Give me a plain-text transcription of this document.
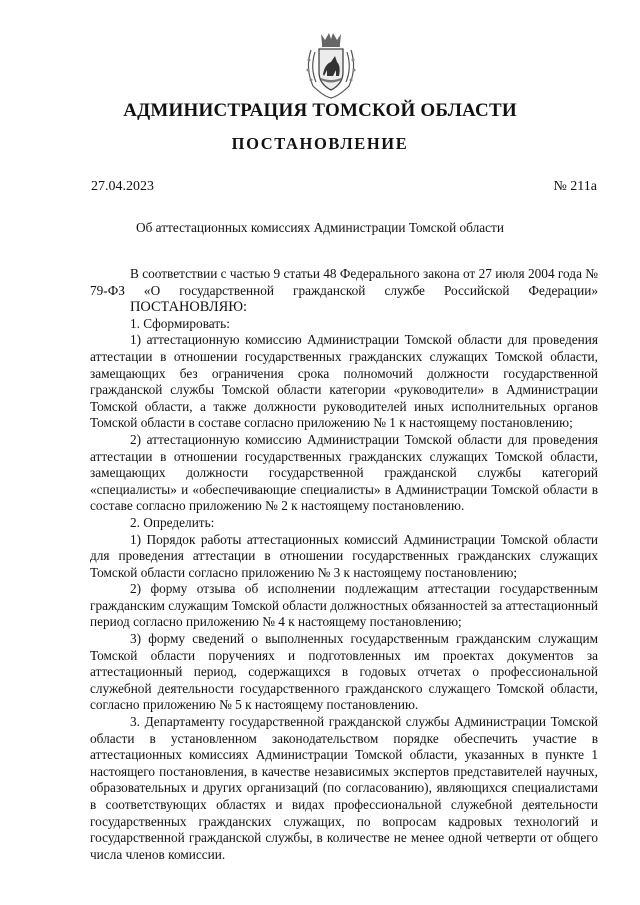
АДМИНИСТРАЦИЯ ТОМСКОЙ ОБЛАСТИ
ПОСТАНОВЛЕНИЕ
27.04.2023	№ 211а
Об аттестационных комиссиях Администрации Томской области

В соответствии с частью 9 статьи 48 Федерального закона от 27 июля 2004 года № 79-ФЗ «О государственной гражданской службе Российской Федерации»

ПОСТАНОВЛЯЮ:

1. Сформировать:

1) аттестационную комиссию Администрации Томской области для проведения аттестации в отношении государственных гражданских служащих Томской области, замещающих без ограничения срока полномочий должности государственной гражданской службы Томской области категории «руководители» в Администрации Томской области, а также должности руководителей иных исполнительных органов Томской области в составе согласно приложению № 1 к настоящему постановлению;

2) аттестационную комиссию Администрации Томской области для проведения аттестации в отношении государственных гражданских служащих Томской области, замещающих должности государственной гражданской службы категорий «специалисты» и «обеспечивающие специалисты» в Администрации Томской области в составе согласно приложению № 2 к настоящему постановлению.

2. Определить:

1) Порядок работы аттестационных комиссий Администрации Томской области для проведения аттестации в отношении государственных гражданских служащих Томской области согласно приложению № 3 к настоящему постановлению;

2) форму отзыва об исполнении подлежащим аттестации государственным гражданским служащим Томской области должностных обязанностей за аттестационный период согласно приложению № 4 к настоящему постановлению;

3) форму сведений о выполненных государственным гражданским служащим Томской области поручениях и подготовленных им проектах документов за аттестационный период, содержащихся в годовых отчетах о профессиональной служебной деятельности государственного гражданского служащего Томской области, согласно приложению № 5 к настоящему постановлению.

3. Департаменту государственной гражданской службы Администрации Томской области в установленном законодательством порядке обеспечить участие в аттестационных комиссиях Администрации Томской области, указанных в пункте 1 настоящего постановления, в качестве независимых экспертов представителей научных, образовательных и других организаций (по согласованию), являющихся специалистами в соответствующих областях и видах профессиональной служебной деятельности государственных гражданских служащих, по вопросам кадровых технологий и государственной гражданской службы, в количестве не менее одной четверти от общего числа членов комиссии.
